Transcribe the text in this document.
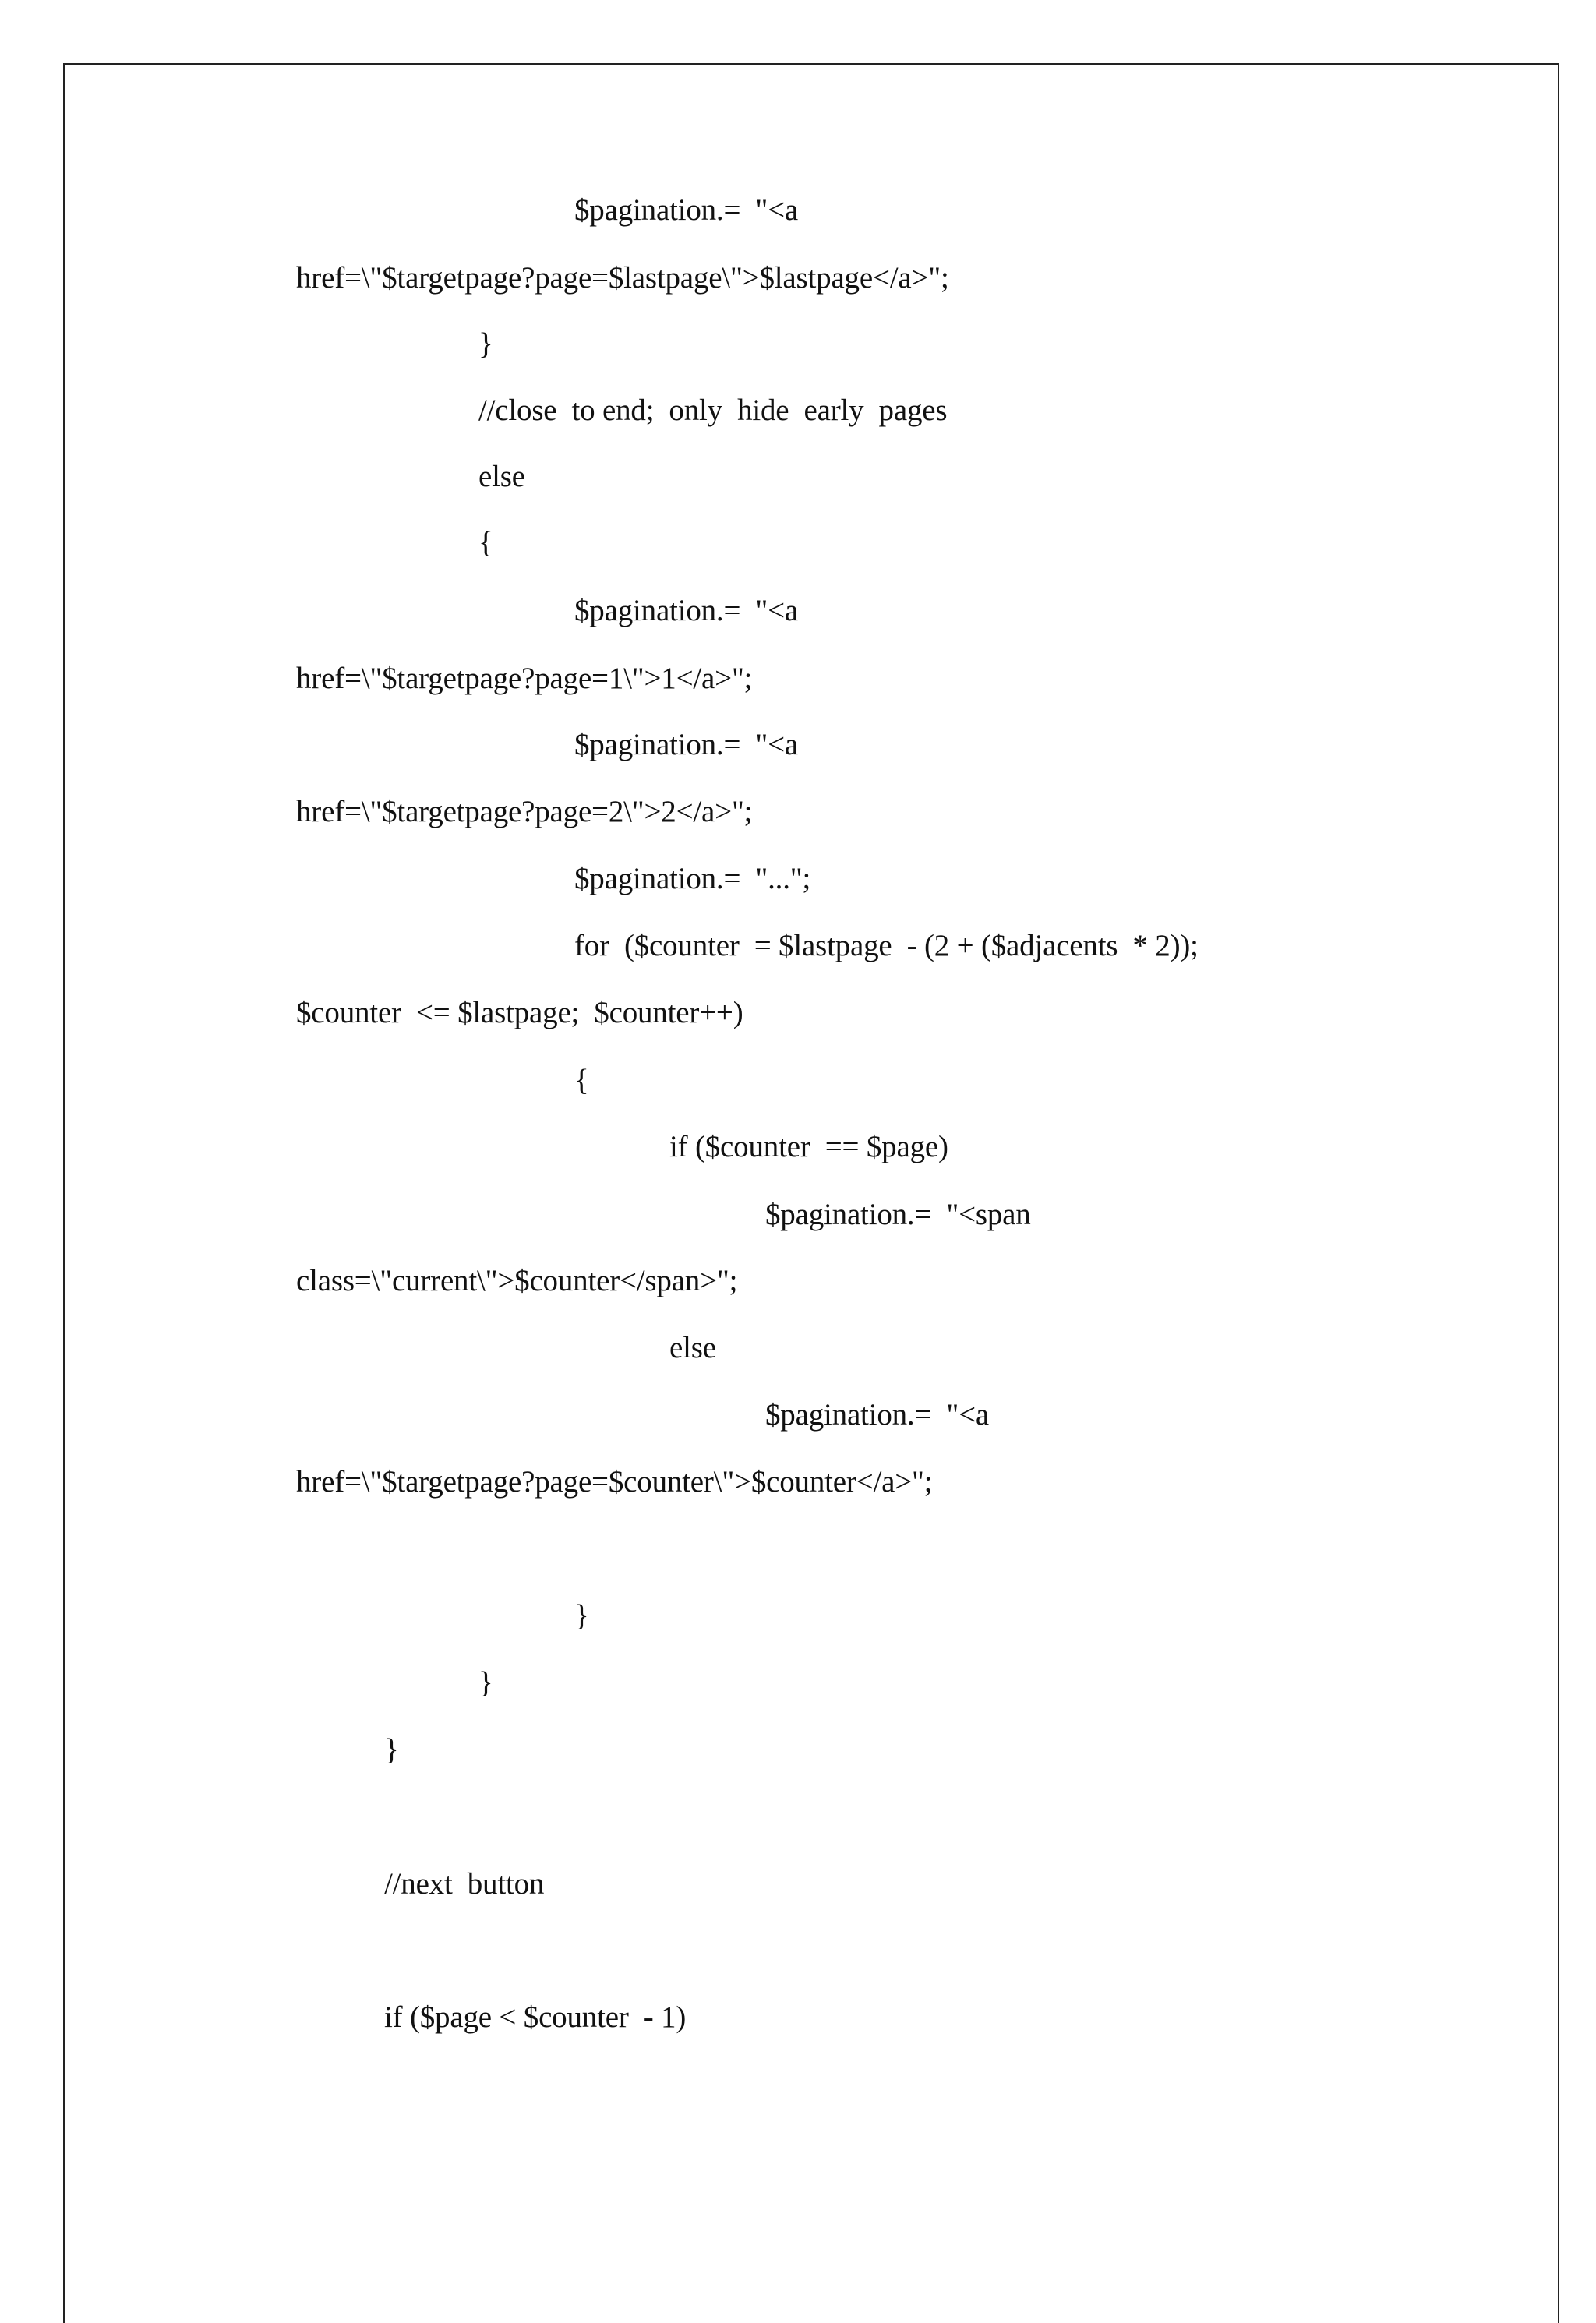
$pagination.=  "<a
href=\"$targetpage?page=$lastpage\">$lastpage</a>";
}
//close  to end;  only  hide  early  pages
else
{
$pagination.=  "<a
href=\"$targetpage?page=1\">1</a>";
$pagination.=  "<a
href=\"$targetpage?page=2\">2</a>";
$pagination.=  "...";
for  ($counter  = $lastpage  - (2 + ($adjacents  * 2));
$counter  <= $lastpage;  $counter++)
{
if ($counter  == $page)
$pagination.=  "<span
class=\"current\">$counter</span>";
else
$pagination.=  "<a
href=\"$targetpage?page=$counter\">$counter</a>";
}
}
}
//next  button
if ($page < $counter  - 1)
